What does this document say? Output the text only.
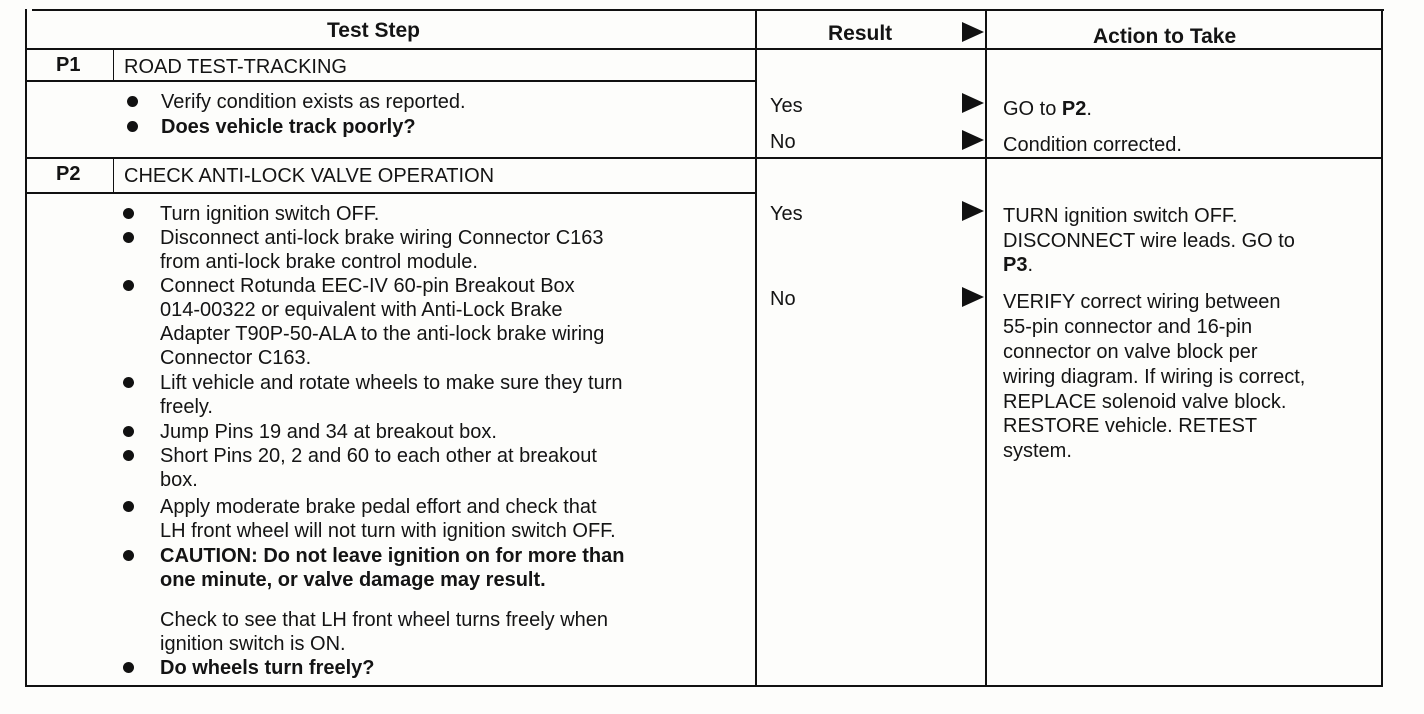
Test Step	Result	Action to Take
P1 ROAD TEST-TRACKING
Verify condition exists as reported.
Does vehicle track poorly?
Yes	GO to P2.
No	Condition corrected.
P2 CHECK ANTI-LOCK VALVE OPERATION
Turn ignition switch OFF.
Disconnect anti-lock brake wiring Connector C163
from anti-lock brake control module.
Connect Rotunda EEC-IV 60-pin Breakout Box
014-00322 or equivalent with Anti-Lock Brake
Adapter T90P-50-ALA to the anti-lock brake wiring
Connector C163.
Lift vehicle and rotate wheels to make sure they turn
freely.
Jump Pins 19 and 34 at breakout box.
Short Pins 20, 2 and 60 to each other at breakout
box.
Apply moderate brake pedal effort and check that
LH front wheel will not turn with ignition switch OFF.
CAUTION: Do not leave ignition on for more than
one minute, or valve damage may result.
Check to see that LH front wheel turns freely when
ignition switch is ON.
Do wheels turn freely?
Yes	TURN ignition switch OFF.
DISCONNECT wire leads. GO to
P3.
No	VERIFY correct wiring between
55-pin connector and 16-pin
connector on valve block per
wiring diagram. If wiring is correct,
REPLACE solenoid valve block.
RESTORE vehicle. RETEST
system.
